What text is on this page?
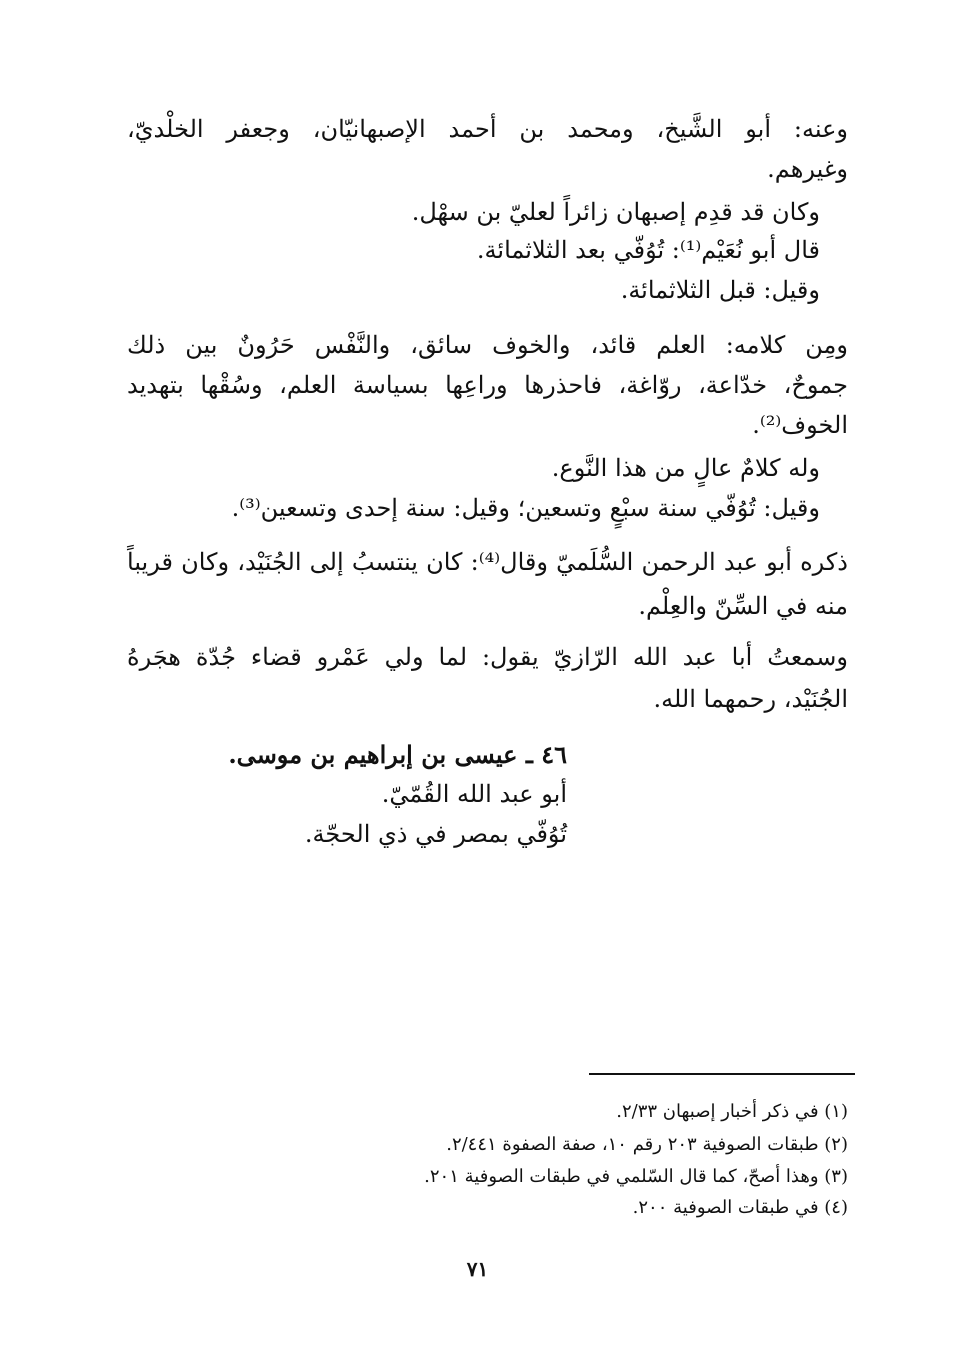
وعنه: أبو الشَّيخ، ومحمد بن أحمد الإصبهانيّان، وجعفر الخلْديّ،
وغيرهم.
وكان قد قدِم إصبهان زائراً لعليّ بن سهْل.
قال أبو نُعَيْم⁽¹⁾: تُوُفّي بعد الثلاثمائة.
وقيل: قبل الثلاثمائة.
ومِن كلامه: العلم قائد، والخوف سائق، والنَّفْس حَرُونٌ بين ذلك
جموحٌ، خدّاعة، روّاغة، فاحذرها وراعِها بسياسة العلم، وسُقْها بتهديد
الخوف⁽²⁾.
وله كلامٌ عالٍ من هذا النَّوع.
وقيل: تُوُفّي سنة سبْعٍ وتسعين؛ وقيل: سنة إحدى وتسعين⁽³⁾.
ذكره أبو عبد الرحمن السُّلَميّ وقال⁽⁴⁾: كان ينتسبُ إلى الجُنَيْد، وكان قريباً
منه في السِّنّ والعِلْم.
وسمعتُ أبا عبد الله الرّازيّ يقول: لما ولي عَمْرو قضاء جُدّة هجَرهُ
الجُنَيْد، رحمهما الله.
٤٦ ـ عيسى بن إبراهيم بن موسى.
أبو عبد الله القُمّيّ.
تُوُفّي بمصر في ذي الحجّة.
(١) في ذكر أخبار إصبهان ٢/٣٣.
(٢) طبقات الصوفية ٢٠٣ رقم ١٠، صفة الصفوة ٢/٤٤١.
(٣) وهذا أصحّ، كما قال السّلمي في طبقات الصوفية ٢٠١.
(٤) في طبقات الصوفية ٢٠٠.
٧١
